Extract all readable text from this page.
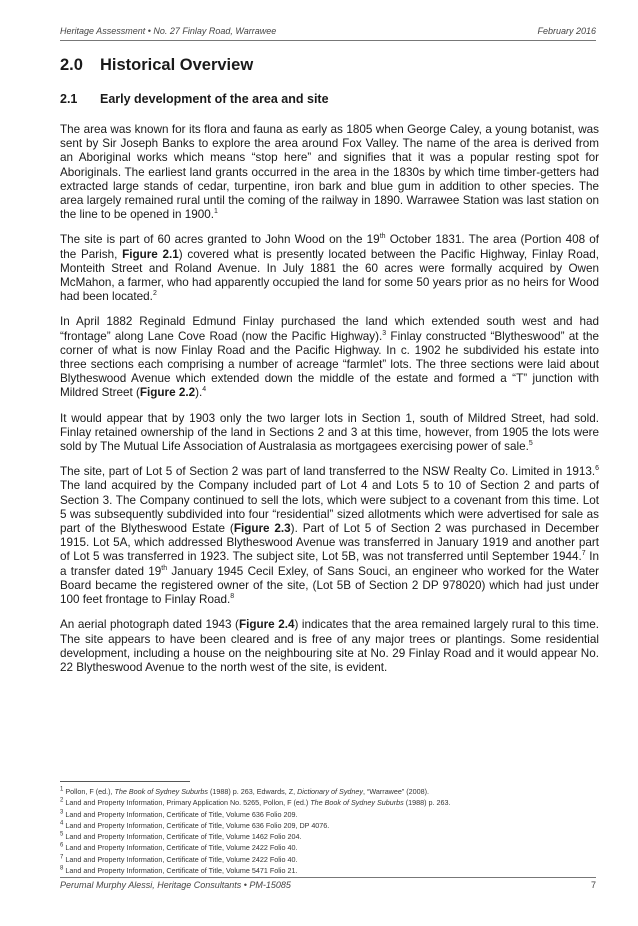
Heritage Assessment • No. 27 Finlay Road, Warrawee	February 2016
2.0 Historical Overview
2.1 Early development of the area and site

The area was known for its flora and fauna as early as 1805 when George Caley, a young botanist, was sent by Sir Joseph Banks to explore the area around Fox Valley. The name of the area is derived from an Aboriginal works which means “stop here” and signifies that it was a popular resting spot for Aboriginals. The earliest land grants occurred in the area in the 1830s by which time timber-getters had extracted large stands of cedar, turpentine, iron bark and blue gum in addition to other species. The area largely remained rural until the coming of the railway in 1890. Warrawee Station was last station on the line to be opened in 1900.$^1$

The site is part of 60 acres granted to John Wood on the 19th October 1831. The area (Portion 408 of the Parish, Figure 2.1) covered what is presently located between the Pacific Highway, Finlay Road, Monteith Street and Roland Avenue. In July 1881 the 60 acres were formally acquired by Owen McMahon, a farmer, who had apparently occupied the land for some 50 years prior as no heirs for Wood had been located.$^2$

In April 1882 Reginald Edmund Finlay purchased the land which extended south west and had “frontage” along Lane Cove Road (now the Pacific Highway).$^3$ Finlay constructed “Blytheswood” at the corner of what is now Finlay Road and the Pacific Highway. In c. 1902 he subdivided his estate into three sections each comprising a number of acreage “farmlet” lots. The three sections were laid about Blytheswood Avenue which extended down the middle of the estate and formed a “T” junction with Mildred Street (Figure 2.2).$^4$

It would appear that by 1903 only the two larger lots in Section 1, south of Mildred Street, had sold. Finlay retained ownership of the land in Sections 2 and 3 at this time, however, from 1905 the lots were sold by The Mutual Life Association of Australasia as mortgagees exercising power of sale.$^5$

The site, part of Lot 5 of Section 2 was part of land transferred to the NSW Realty Co. Limited in 1913.$^6$ The land acquired by the Company included part of Lot 4 and Lots 5 to 10 of Section 2 and parts of Section 3. The Company continued to sell the lots, which were subject to a covenant from this time. Lot 5 was subsequently subdivided into four “residential” sized allotments which were advertised for sale as part of the Blytheswood Estate (Figure 2.3). Part of Lot 5 of Section 2 was purchased in December 1915. Lot 5A, which addressed Blytheswood Avenue was transferred in January 1919 and another part of Lot 5 was transferred in 1923. The subject site, Lot 5B, was not transferred until September 1944.$^7$ In a transfer dated 19th January 1945 Cecil Exley, of Sans Souci, an engineer who worked for the Water Board became the registered owner of the site, (Lot 5B of Section 2 DP 978020) which had just under 100 feet frontage to Finlay Road.$^8$

An aerial photograph dated 1943 (Figure 2.4) indicates that the area remained largely rural to this time. The site appears to have been cleared and is free of any major trees or plantings. Some residential development, including a house on the neighbouring site at No. 29 Finlay Road and it would appear No. 22 Blytheswood Avenue to the north west of the site, is evident.

$^1$ Pollon, F (ed.), The Book of Sydney Suburbs (1988) p. 263, Edwards, Z, Dictionary of Sydney, “Warrawee” (2008).
$^2$ Land and Property Information, Primary Application No. 5265, Pollon, F (ed.) The Book of Sydney Suburbs (1988) p. 263.
$^3$ Land and Property Information, Certificate of Title, Volume 636 Folio 209.
$^4$ Land and Property Information, Certificate of Title, Volume 636 Folio 209, DP 4076.
$^5$ Land and Property Information, Certificate of Title, Volume 1462 Folio 204.
$^6$ Land and Property Information, Certificate of Title, Volume 2422 Folio 40.
$^7$ Land and Property Information, Certificate of Title, Volume 2422 Folio 40.
$^8$ Land and Property Information, Certificate of Title, Volume 5471 Folio 21.
Perumal Murphy Alessi, Heritage Consultants • PM-15085	7
